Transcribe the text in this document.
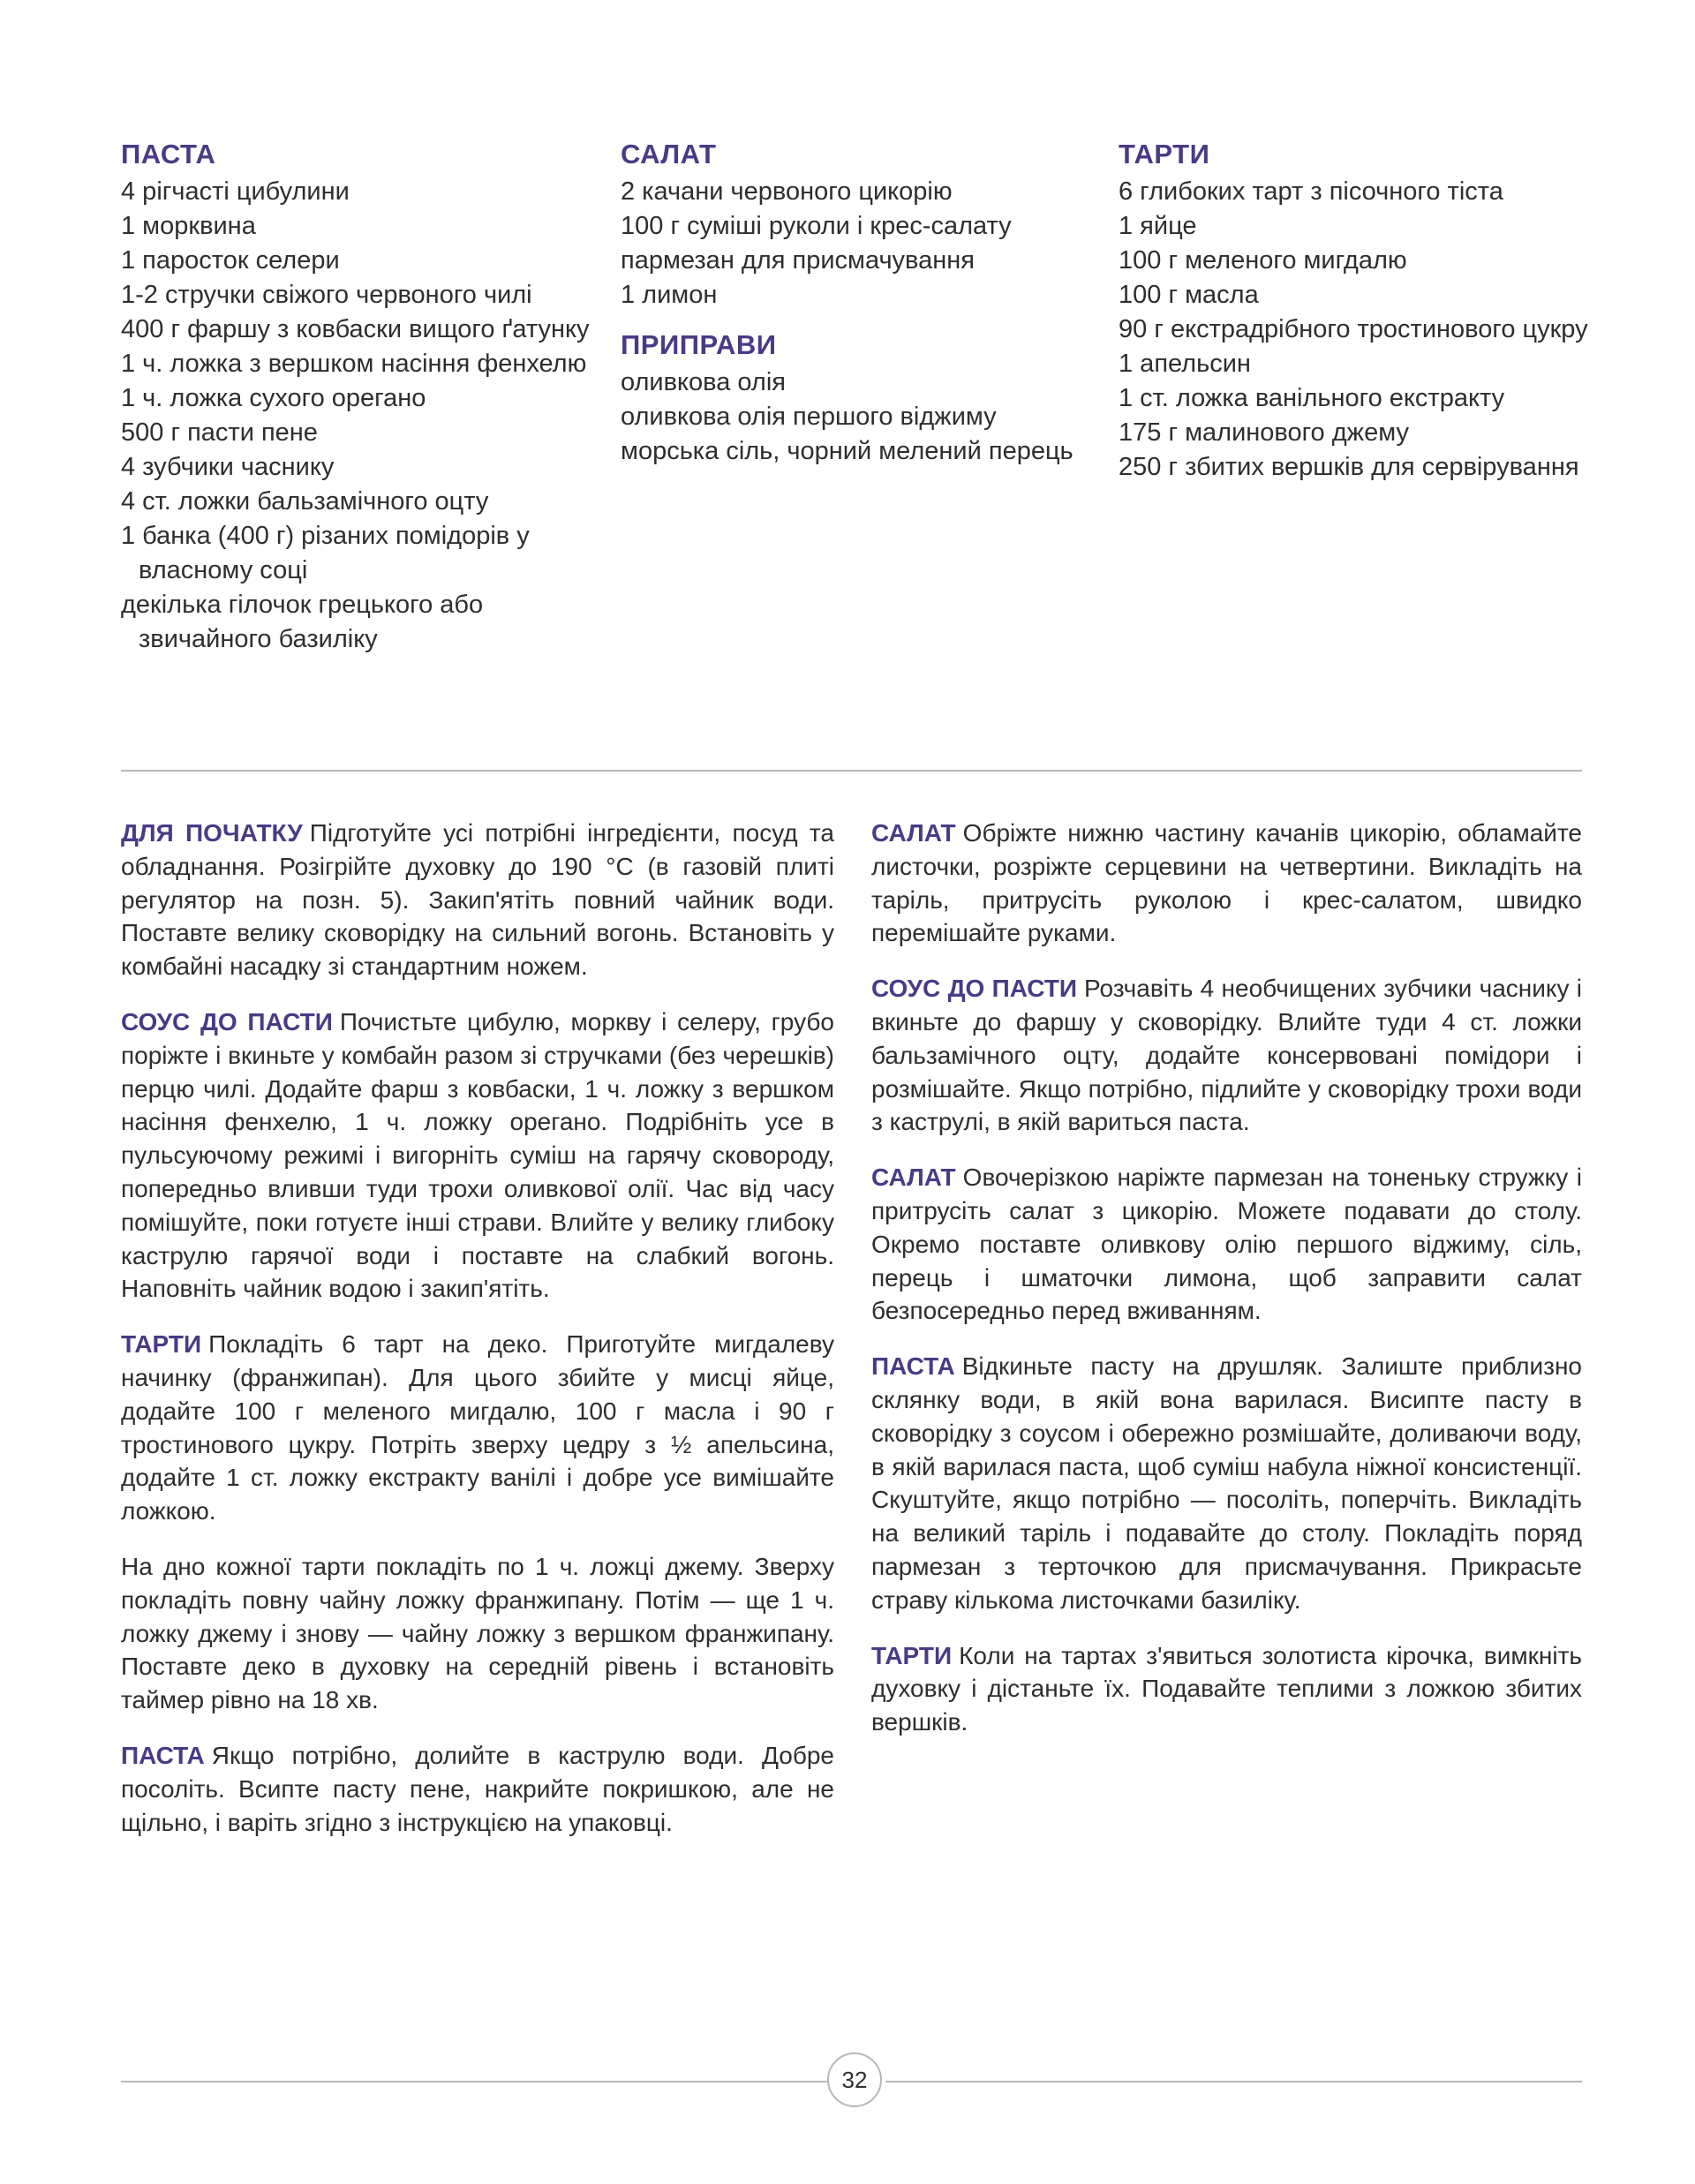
ПАСТА
4 рігчасті цибулини
1 морквина
1 паросток селери
1-2 стручки свіжого червоного чилі
400 г фаршу з ковбаски вищого ґатунку
1 ч. ложка з вершком насіння фенхелю
1 ч. ложка сухого орегано
500 г пасти пене
4 зубчики часнику
4 ст. ложки бальзамічного оцту
1 банка (400 г) різаних помідорів у власному соці
декілька гілочок грецького або звичайного базиліку
САЛАТ
2 качани червоного цикорію
100 г суміші руколи і крес-салату
пармезан для присмачування
1 лимон
ПРИПРАВИ
оливкова олія
оливкова олія першого віджиму
морська сіль, чорний мелений перець
ТАРТИ
6 глибоких тарт з пісочного тіста
1 яйце
100 г меленого мигдалю
100 г масла
90 г екстрадрібного тростинового цукру
1 апельсин
1 ст. ложка ванільного екстракту
175 г малинового джему
250 г збитих вершків для сервірування

ДЛЯ ПОЧАТКУ Підготуйте усі потрібні інгредієнти, посуд та обладнання. Розігрійте духовку до 190 °С (в газовій плиті регулятор на позн. 5). Закип'ятіть повний чайник води. Поставте велику сковорідку на сильний вогонь. Встановіть у комбайні насадку зі стандартним ножем.

СОУС ДО ПАСТИ Почистьте цибулю, моркву і селеру, грубо поріжте і вкиньте у комбайн разом зі стручками (без черешків) перцю чилі. Додайте фарш з ковбаски, 1 ч. ложку з вершком насіння фенхелю, 1 ч. ложку орегано. Подрібніть усе в пульсуючому режимі і вигорніть суміш на гарячу сковороду, попередньо вливши туди трохи оливкової олії. Час від часу помішуйте, поки готуєте інші страви. Влийте у велику глибоку каструлю гарячої води і поставте на слабкий вогонь. Наповніть чайник водою і закип'ятіть.

ТАРТИ Покладіть 6 тарт на деко. Приготуйте мигдалеву начинку (франжипан). Для цього збийте у мисці яйце, додайте 100 г меленого мигдалю, 100 г масла і 90 г тростинового цукру. Потріть зверху цедру з ½ апельсина, додайте 1 ст. ложку екстракту ванілі і добре усе вимішайте ложкою.

На дно кожної тарти покладіть по 1 ч. ложці джему. Зверху покладіть повну чайну ложку франжипану. Потім — ще 1 ч. ложку джему і знову — чайну ложку з вершком франжипану. Поставте деко в духовку на середній рівень і встановіть таймер рівно на 18 хв.

ПАСТА Якщо потрібно, долийте в каструлю води. Добре посоліть. Всипте пасту пене, накрийте покришкою, але не щільно, і варіть згідно з інструкцією на упаковці.

САЛАТ Обріжте нижню частину качанів цикорію, обламайте листочки, розріжте серцевини на четвертини. Викладіть на таріль, притрусіть руколою і крес-салатом, швидко перемішайте руками.

СОУС ДО ПАСТИ Розчавіть 4 необчищених зубчики часнику і вкиньте до фаршу у сковорідку. Влийте туди 4 ст. ложки бальзамічного оцту, додайте консервовані помідори і розмішайте. Якщо потрібно, підлийте у сковорідку трохи води з каструлі, в якій вариться паста.

САЛАТ Овочерізкою наріжте пармезан на тоненьку стружку і притрусіть салат з цикорію. Можете подавати до столу. Окремо поставте оливкову олію першого віджиму, сіль, перець і шматочки лимона, щоб заправити салат безпосередньо перед вживанням.

ПАСТА Відкиньте пасту на друшляк. Залиште приблизно склянку води, в якій вона варилася. Висипте пасту в сковорідку з соусом і обережно розмішайте, доливаючи воду, в якій варилася паста, щоб суміш набула ніжної консистенції. Скуштуйте, якщо потрібно — посоліть, поперчіть. Викладіть на великий таріль і подавайте до столу. Покладіть поряд пармезан з терточкою для присмачування. Прикрасьте страву кількома листочками базиліку.

ТАРТИ Коли на тартах з'явиться золотиста кірочка, вимкніть духовку і дістаньте їх. Подавайте теплими з ложкою збитих вершків.

32
